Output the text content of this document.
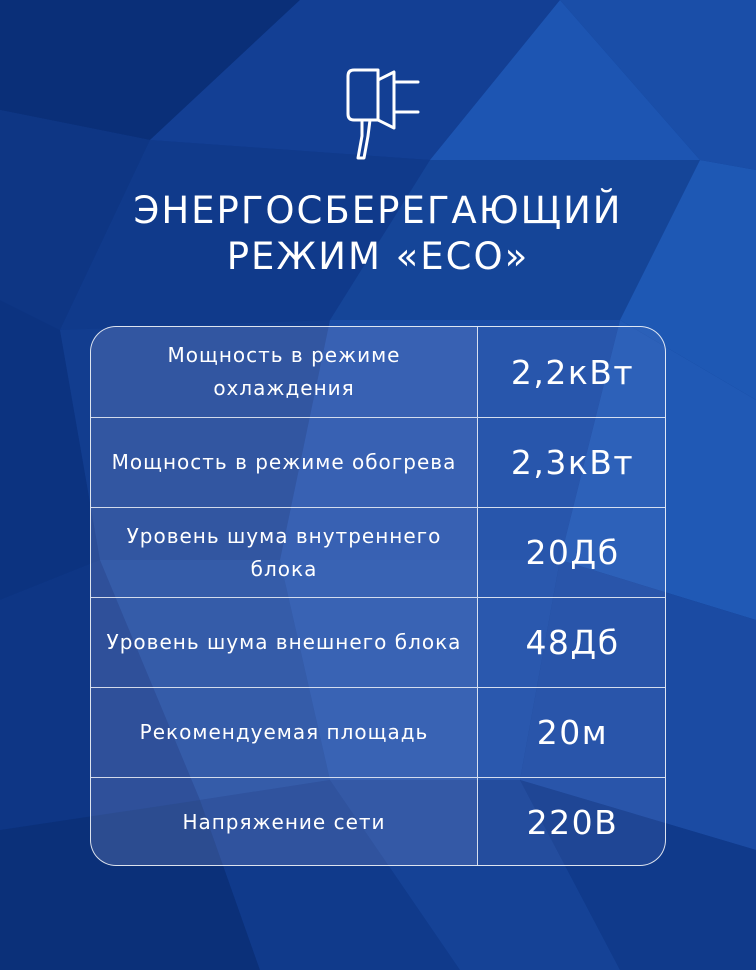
ЭНЕРГОСБЕРЕГАЮЩИЙ
РЕЖИМ «ECO»
Мощность в режиме охлаждения	2,2кВт
Мощность в режиме обогрева	2,3кВт
Уровень шума внутреннего блока	20Дб
Уровень шума внешнего блока	48Дб
Рекомендуемая площадь	20м
Напряжение сети	220В
